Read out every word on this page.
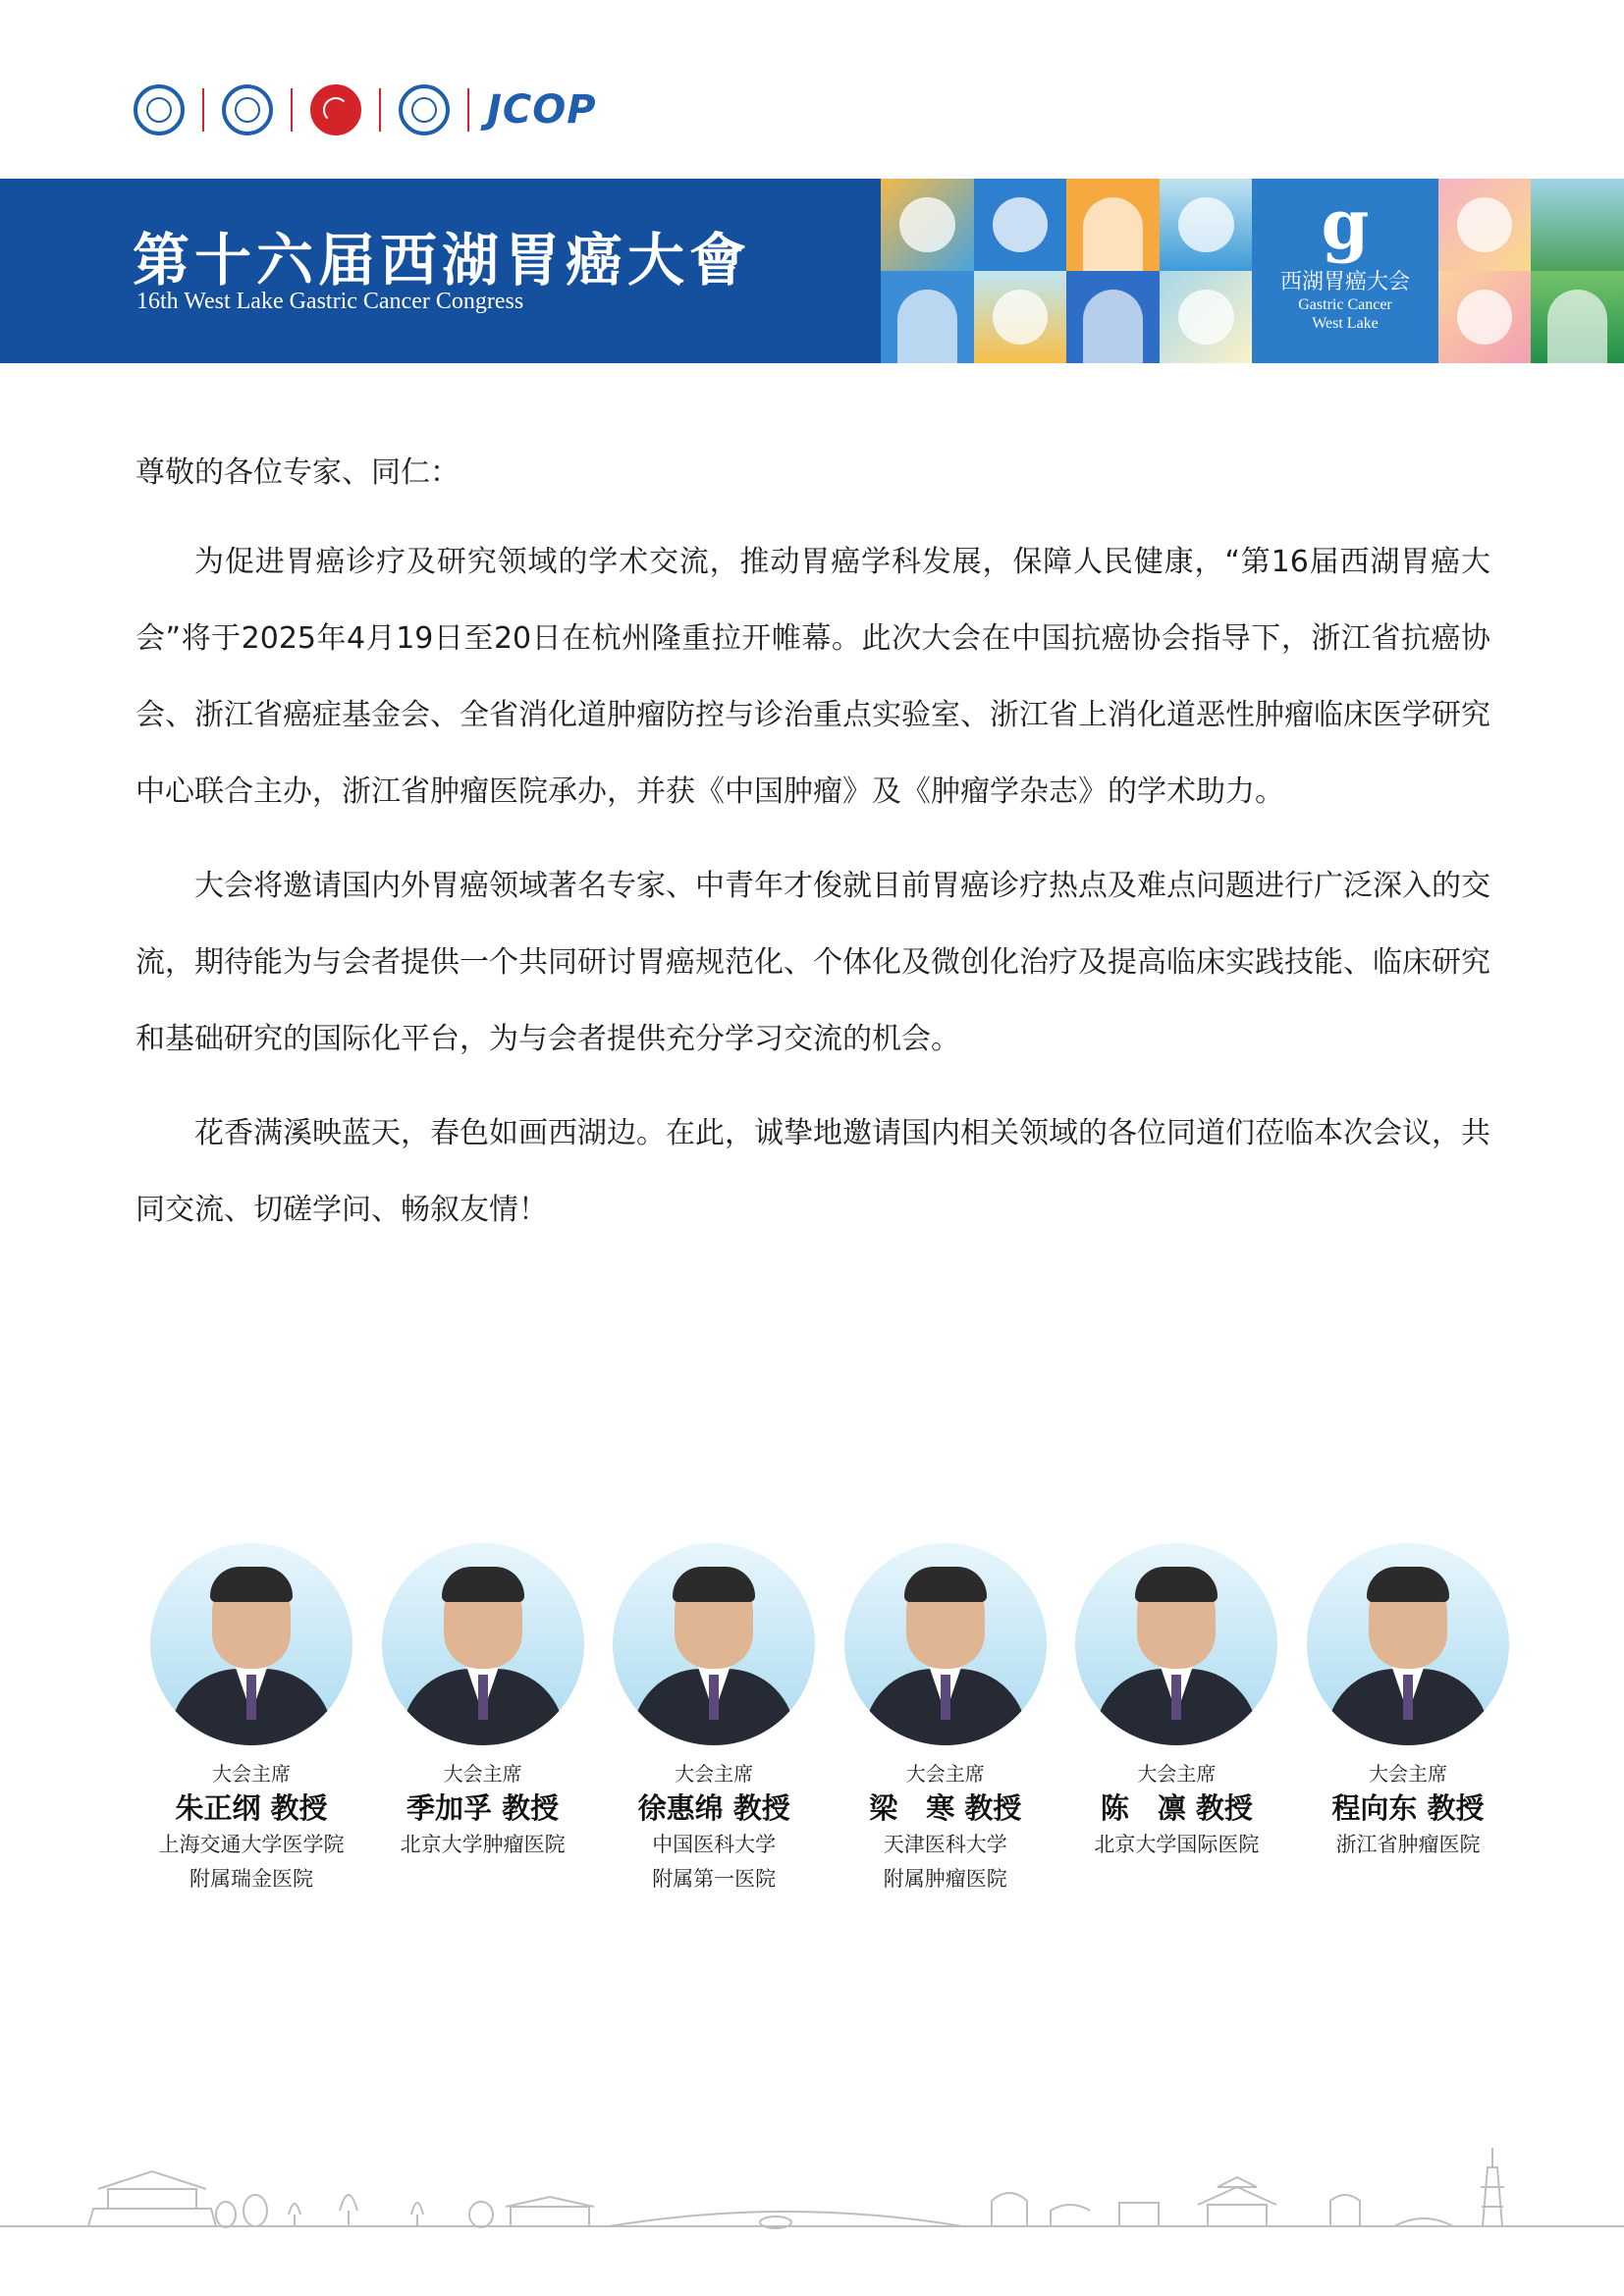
JCOP
第十六届西湖胃癌大會
16th West Lake Gastric Cancer Congress
g
西湖胃癌大会
Gastric Cancer
West Lake

尊敬的各位专家、同仁：

为促进胃癌诊疗及研究领域的学术交流，推动胃癌学科发展，保障人民健康，“第16届西湖胃癌大会”将于2025年4月19日至20日在杭州隆重拉开帷幕。此次大会在中国抗癌协会指导下，浙江省抗癌协会、浙江省癌症基金会、全省消化道肿瘤防控与诊治重点实验室、浙江省上消化道恶性肿瘤临床医学研究中心联合主办，浙江省肿瘤医院承办，并获《中国肿瘤》及《肿瘤学杂志》的学术助力。

大会将邀请国内外胃癌领域著名专家、中青年才俊就目前胃癌诊疗热点及难点问题进行广泛深入的交流，期待能为与会者提供一个共同研讨胃癌规范化、个体化及微创化治疗及提高临床实践技能、临床研究和基础研究的国际化平台，为与会者提供充分学习交流的机会。

花香满溪映蓝天，春色如画西湖边。在此，诚挚地邀请国内相关领域的各位同道们莅临本次会议，共同交流、切磋学问、畅叙友情！

大会主席
朱正纲 教授
上海交通大学医学院
附属瑞金医院
大会主席
季加孚 教授
北京大学肿瘤医院
大会主席
徐惠绵 教授
中国医科大学
附属第一医院
大会主席
梁　寒 教授
天津医科大学
附属肿瘤医院
大会主席
陈　凛 教授
北京大学国际医院
大会主席
程向东 教授
浙江省肿瘤医院
